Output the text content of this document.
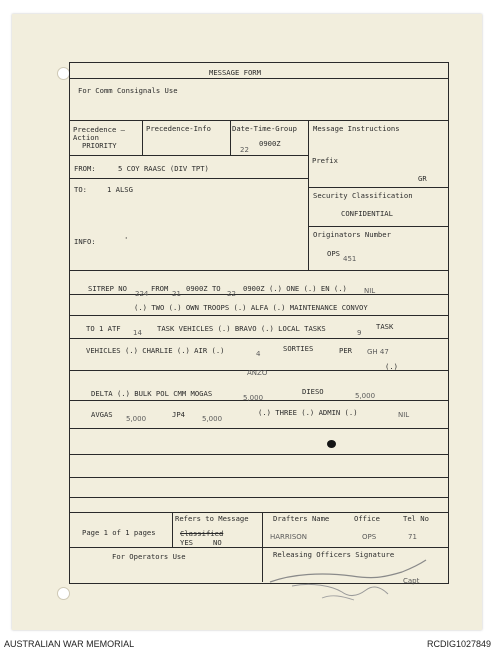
MESSAGE FORM
For Comm Consignals Use
Precedence –
Action
PRIORITY
Precedence-Info	Date-Time-Group
22
0900Z
Message Instructions
FROM:	5 COY RAASC (DIV TPT)
TO:	1 ALSG
INFO:	'
Prefix
GR
Security Classification
CONFIDENTIAL
Originators Number
OPS
451
SITREP NO
224
FROM
21
0900Z TO
22
0900Z (.) ONE (.) EN (.) NIL
(.) TWO (.) OWN TROOPS (.) ALFA (.) MAINTENANCE CONVOY
TO 1 ATF 14 TASK VEHICLES (.) BRAVO (.) LOCAL TASKS	9
TASK
VEHICLES (.) CHARLIE (.) AIR (.)	4
SORTIES	PER GH 47
ANZO
(.)
DELTA (.) BULK POL CMM MOGAS	5,000
DIESO	5,000
AVGAS 5,000	JP4 5,000
(.) THREE (.) ADMIN (.)	NIL
Page 1 of 1 pages
Refers to Message
Classified
YES	NO
Drafters Name	Office	Tel No
HARRISON	OPS	71
For Operators Use	Releasing Officers Signature
Capt
AUSTRALIAN WAR MEMORIAL	RCDIG1027849
